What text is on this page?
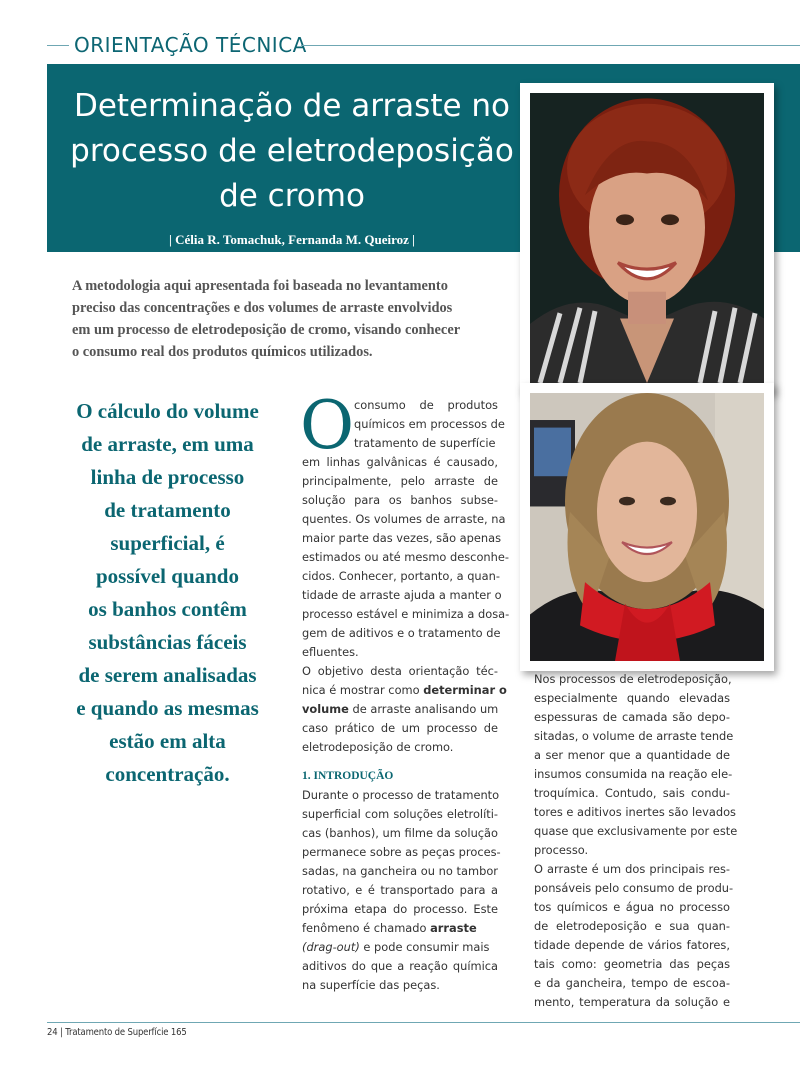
ORIENTAÇÃO TÉCNICA
Determinação de arraste no
processo de eletrodeposição
de cromo
| Célia R. Tomachuk, Fernanda M. Queiroz |

A metodologia aqui apresentada foi baseada no levantamento
preciso das concentrações e dos volumes de arraste envolvidos
em um processo de eletrodeposição de cromo, visando conhecer
o consumo real dos produtos químicos utilizados.

O cálculo do volume
de arraste, em uma
linha de processo
de tratamento
superficial, é
possível quando
os banhos contêm
substâncias fáceis
de serem analisadas
e quando as mesmas
estão em alta
concentração.
O consumo de produtos
químicos em processos de
tratamento de superfície
em linhas galvânicas é causado,
principalmente, pelo arraste de
solução para os banhos subse-
quentes. Os volumes de arraste, na
maior parte das vezes, são apenas
estimados ou até mesmo desconhe-
cidos. Conhecer, portanto, a quan-
tidade de arraste ajuda a manter o
processo estável e minimiza a dosa-
gem de aditivos e o tratamento de
efluentes.
O objetivo desta orientação téc-
nica é mostrar como determinar o
volume de arraste analisando um
caso prático de um processo de
eletrodeposição de cromo.
1. INTRODUÇÃO
Durante o processo de tratamento
superficial com soluções eletrolíti-
cas (banhos), um filme da solução
permanece sobre as peças proces-
sadas, na gancheira ou no tambor
rotativo, e é transportado para a
próxima etapa do processo. Este
fenômeno é chamado arraste
(drag-out) e pode consumir mais
aditivos do que a reação química
na superfície das peças.
Nos processos de eletrodeposição,
especialmente quando elevadas
espessuras de camada são depo-
sitadas, o volume de arraste tende
a ser menor que a quantidade de
insumos consumida na reação ele-
troquímica. Contudo, sais condu-
tores e aditivos inertes são levados
quase que exclusivamente por este
processo.
O arraste é um dos principais res-
ponsáveis pelo consumo de produ-
tos químicos e água no processo
de eletrodeposição e sua quan-
tidade depende de vários fatores,
tais como: geometria das peças
e da gancheira, tempo de escoa-
mento, temperatura da solução e
24 | Tratamento de Superfície 165
